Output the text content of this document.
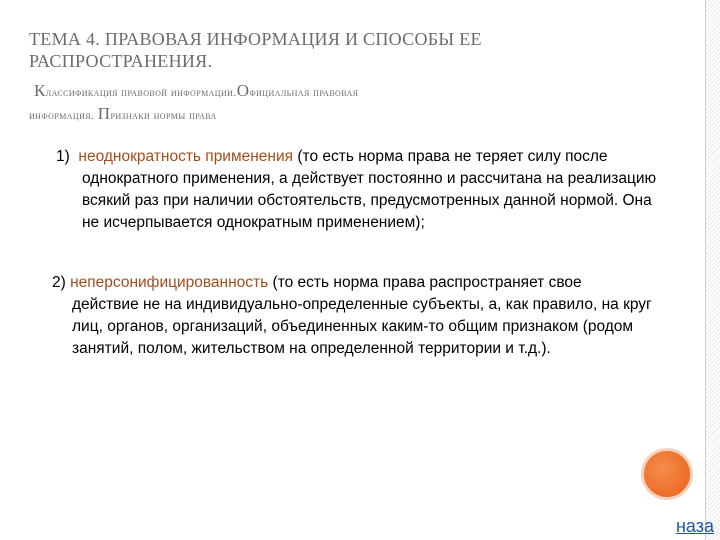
ТЕМА 4. ПРАВОВАЯ ИНФОРМАЦИЯ И СПОСОБЫ ЕЕ РАСПРОСТРАНЕНИЯ.
Классификация правовой информации.Официальная правовая
информация. Признаки нормы права

1) неоднократность применения (то есть норма права не теряет силу после однократного применения, а действует постоянно и рассчитана на реализацию всякий раз при наличии обстоятельств, предусмотренных данной нормой. Она не исчерпывается однократным применением);

2) неперсонифицированность (то есть норма права распространяет свое действие не на индивидуально-определенные субъекты, а, как правило, на круг лиц, органов, организаций, объединенных каким-то общим признаком (родом занятий, полом, жительством на определенной территории и т.д.).

наза
